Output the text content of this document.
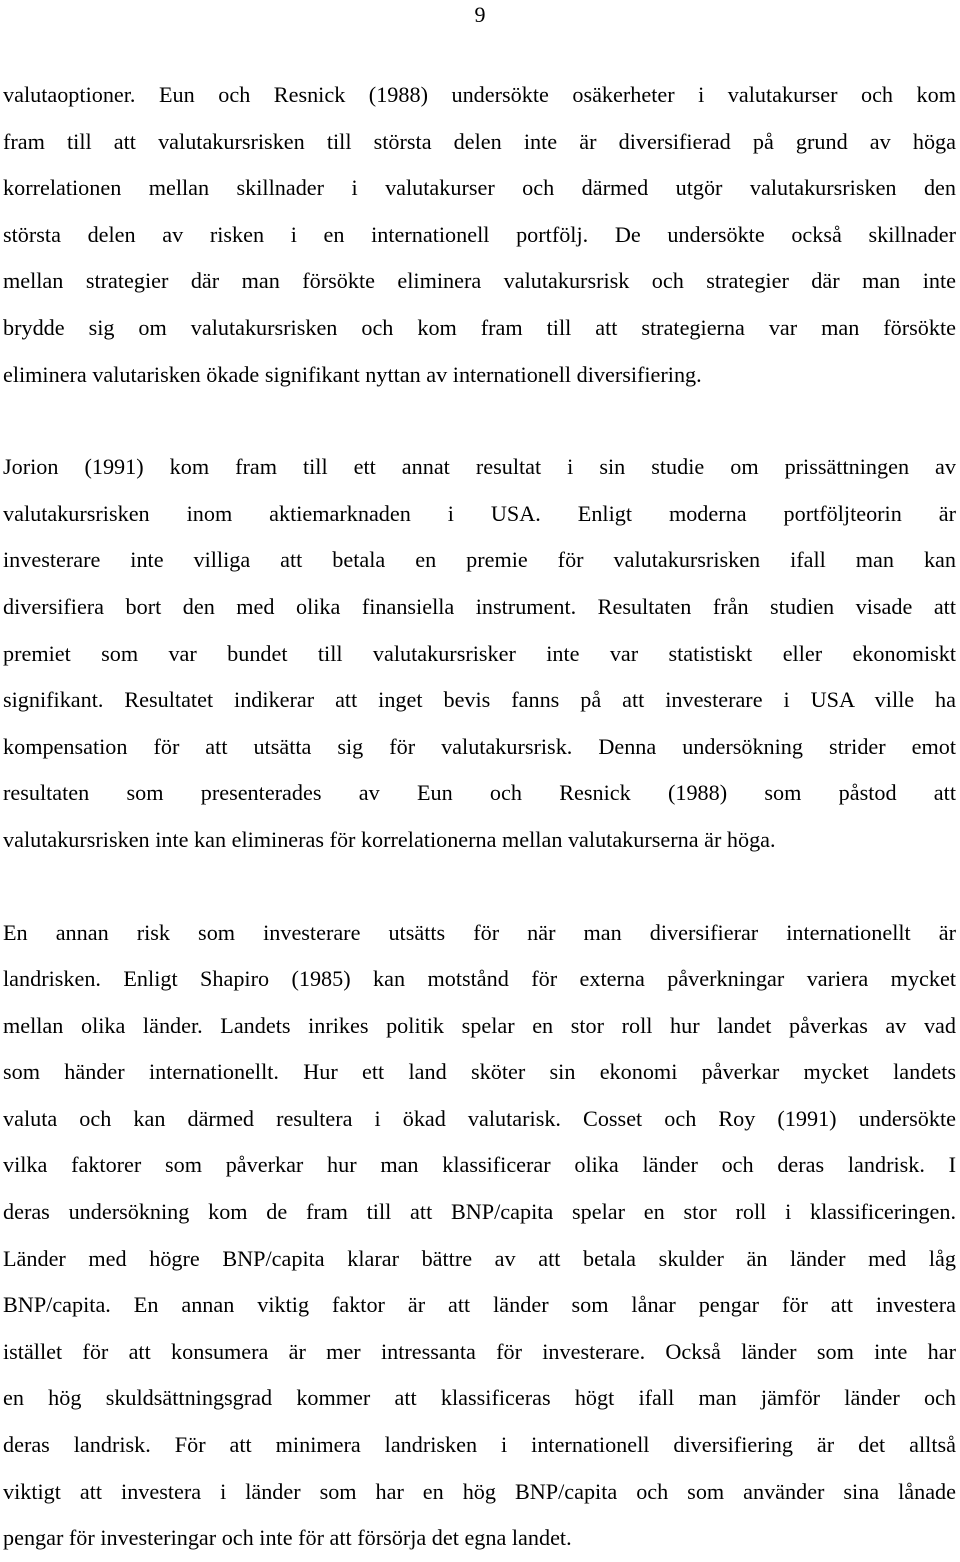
9

valutaoptioner. Eun och Resnick (1988) undersökte osäkerheter i valutakurser och kom
fram till att valutakursrisken till största delen inte är diversifierad på grund av höga
korrelationen mellan skillnader i valutakurser och därmed utgör valutakursrisken den
största delen av risken i en internationell portfölj. De undersökte också skillnader
mellan strategier där man försökte eliminera valutakursrisk och strategier där man inte
brydde sig om valutakursrisken och kom fram till att strategierna var man försökte
eliminera valutarisken ökade signifikant nyttan av internationell diversifiering.

Jorion (1991) kom fram till ett annat resultat i sin studie om prissättningen av
valutakursrisken inom aktiemarknaden i USA. Enligt moderna portföljteorin är
investerare inte villiga att betala en premie för valutakursrisken ifall man kan
diversifiera bort den med olika finansiella instrument. Resultaten från studien visade att
premiet som var bundet till valutakursrisker inte var statistiskt eller ekonomiskt
signifikant. Resultatet indikerar att inget bevis fanns på att investerare i USA ville ha
kompensation för att utsätta sig för valutakursrisk. Denna undersökning strider emot
resultaten som presenterades av Eun och Resnick (1988) som påstod att
valutakursrisken inte kan elimineras för korrelationerna mellan valutakurserna är höga.

En annan risk som investerare utsätts för när man diversifierar internationellt är
landrisken. Enligt Shapiro (1985) kan motstånd för externa påverkningar variera mycket
mellan olika länder. Landets inrikes politik spelar en stor roll hur landet påverkas av vad
som händer internationellt. Hur ett land sköter sin ekonomi påverkar mycket landets
valuta och kan därmed resultera i ökad valutarisk. Cosset och Roy (1991) undersökte
vilka faktorer som påverkar hur man klassificerar olika länder och deras landrisk. I
deras undersökning kom de fram till att BNP/capita spelar en stor roll i klassificeringen.
Länder med högre BNP/capita klarar bättre av att betala skulder än länder med låg
BNP/capita. En annan viktig faktor är att länder som lånar pengar för att investera
istället för att konsumera är mer intressanta för investerare. Också länder som inte har
en hög skuldsättningsgrad kommer att klassificeras högt ifall man jämför länder och
deras landrisk. För att minimera landrisken i internationell diversifiering är det alltså
viktigt att investera i länder som har en hög BNP/capita och som använder sina lånade
pengar för investeringar och inte för att försörja det egna landet.
